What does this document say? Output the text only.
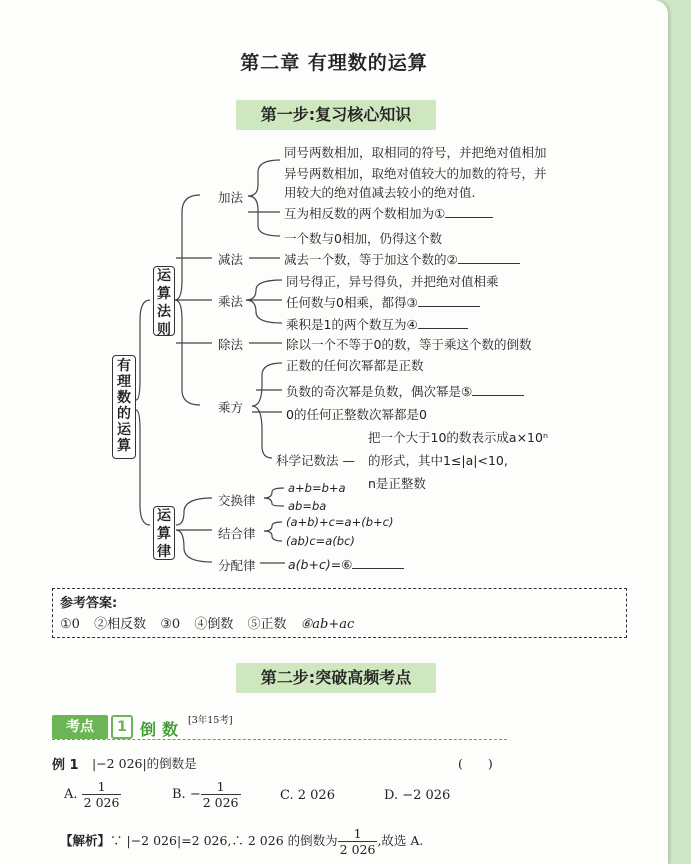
第二章 有理数的运算
第一步:复习核心知识
有理数的运算
运算法则
运算律
加法
同号两数相加，取相同的符号，并把绝对值相加
异号两数相加，取绝对值较大的加数的符号，并
用较大的绝对值减去较小的绝对值.
互为相反数的两个数相加为①
一个数与0相加，仍得这个数
减法	减去一个数，等于加这个数的②
乘法
同号得正，异号得负，并把绝对值相乘
任何数与0相乘，都得③
乘积是1的两个数互为④
除法	除以一个不等于0的数，等于乘这个数的倒数
乘方
正数的任何次幂都是正数
负数的奇次幂是负数，偶次幂是⑤
0的任何正整数次幂都是0
把一个大于10的数表示成a×10ⁿ
科学记数法 — 的形式，其中1≤|a|<10,
n是正整数
交换律
a+b=b+a
ab=ba
结合律
(a+b)+c=a+(b+c)
(ab)c=a(bc)
分配律	a(b+c)=⑥
参考答案:
①0 ②相反数 ③0 ④倒数 ⑤正数 ⑥ab+ac
第二步:突破高频考点
考点	1 倒数 [3年15考]
例 1 |−2 026|的倒数是	(　　)
A. $\frac{1}{2 026}$	B. − $\frac{1}{2 026}$	C. 2 026	D. −2 026
【解析】∵ |−2 026|=2 026,∴ 2 026 的倒数为 $\frac{1}{2 026}$ ,故选 A.
